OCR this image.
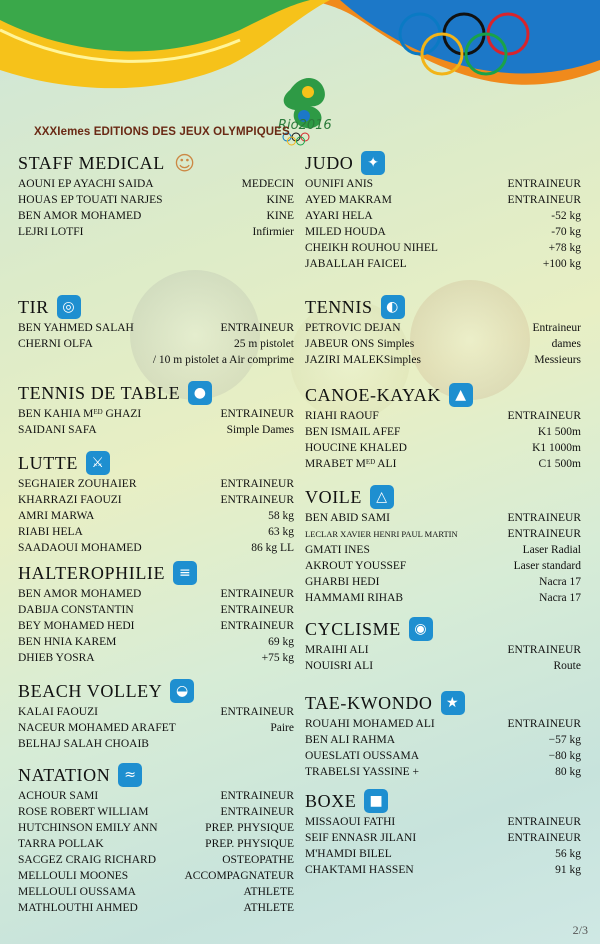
Rio2016
XXXIemes EDITIONS DES JEUX OLYMPIQUES
STAFF MEDICAL ☺
AOUNI EP AYACHI SAIDA	MEDECIN
HOUAS EP TOUATI NARJES	KINE
BEN AMOR MOHAMED	KINE
LEJRI LOTFI	Infirmier
TIR ◎
BEN YAHMED SALAH	ENTRAINEUR
CHERNI OLFA	25 m pistolet
/ 10 m pistolet a Air comprime
TENNIS DE TABLE ●
BEN KAHIA Mᴱᴰ GHAZI	ENTRAINEUR
SAIDANI SAFA	Simple Dames
LUTTE ⚔
SEGHAIER ZOUHAIER	ENTRAINEUR
KHARRAZI FAOUZI	ENTRAINEUR
AMRI MARWA	58 kg
RIABI HELA	63 kg
SAADAOUI MOHAMED	86 kg LL
HALTEROPHILIE ≡
BEN AMOR MOHAMED	ENTRAINEUR
DABIJA CONSTANTIN	ENTRAINEUR
BEY MOHAMED HEDI	ENTRAINEUR
BEN HNIA KAREM	69 kg
DHIEB YOSRA	+75 kg
BEACH VOLLEY ◒
KALAI FAOUZI	ENTRAINEUR
NACEUR MOHAMED ARAFET	Paire
BELHAJ SALAH CHOAIB
NATATION ≈
ACHOUR SAMI	ENTRAINEUR
ROSE ROBERT WILLIAM	ENTRAINEUR
HUTCHINSON EMILY ANN	PREP. PHYSIQUE
TARRA POLLAK	PREP. PHYSIQUE
SACGEZ CRAIG RICHARD	OSTEOPATHE
MELLOULI MOONES	ACCOMPAGNATEUR
MELLOULI OUSSAMA	ATHLETE
MATHLOUTHI AHMED	ATHLETE
JUDO ✦
OUNIFI ANIS	ENTRAINEUR
AYED MAKRAM	ENTRAINEUR
AYARI HELA	-52 kg
MILED HOUDA	-70 kg
CHEIKH ROUHOU NIHEL	+78 kg
JABALLAH FAICEL	+100 kg
TENNIS ◐
PETROVIC DEJAN	Entraineur
JABEUR ONS Simples	dames
JAZIRI MALEKSimples	Messieurs
CANOE-KAYAK	▲
RIAHI RAOUF	ENTRAINEUR
BEN ISMAIL AFEF	K1 500m
HOUCINE KHALED	K1 1000m
MRABET Mᴱᴰ ALI	C1 500m
VOILE	△
BEN ABID SAMI	ENTRAINEUR
LECLAR XAVIER HENRI PAUL MARTIN	ENTRAINEUR
GMATI INES	Laser Radial
AKROUT YOUSSEF	Laser standard
GHARBI HEDI	Nacra 17
HAMMAMI RIHAB	Nacra 17
CYCLISME ◉
MRAIHI ALI	ENTRAINEUR
NOUISRI ALI	Route
TAE-KWONDO ★
ROUAHI MOHAMED ALI	ENTRAINEUR
BEN ALI RAHMA	−57 kg
OUESLATI OUSSAMA	−80 kg
TRABELSI YASSINE +	80 kg
BOXE ■
MISSAOUI FATHI	ENTRAINEUR
SEIF ENNASR JILANI	ENTRAINEUR
M'HAMDI BILEL	56 kg
CHAKTAMI HASSEN	91 kg
2/3
